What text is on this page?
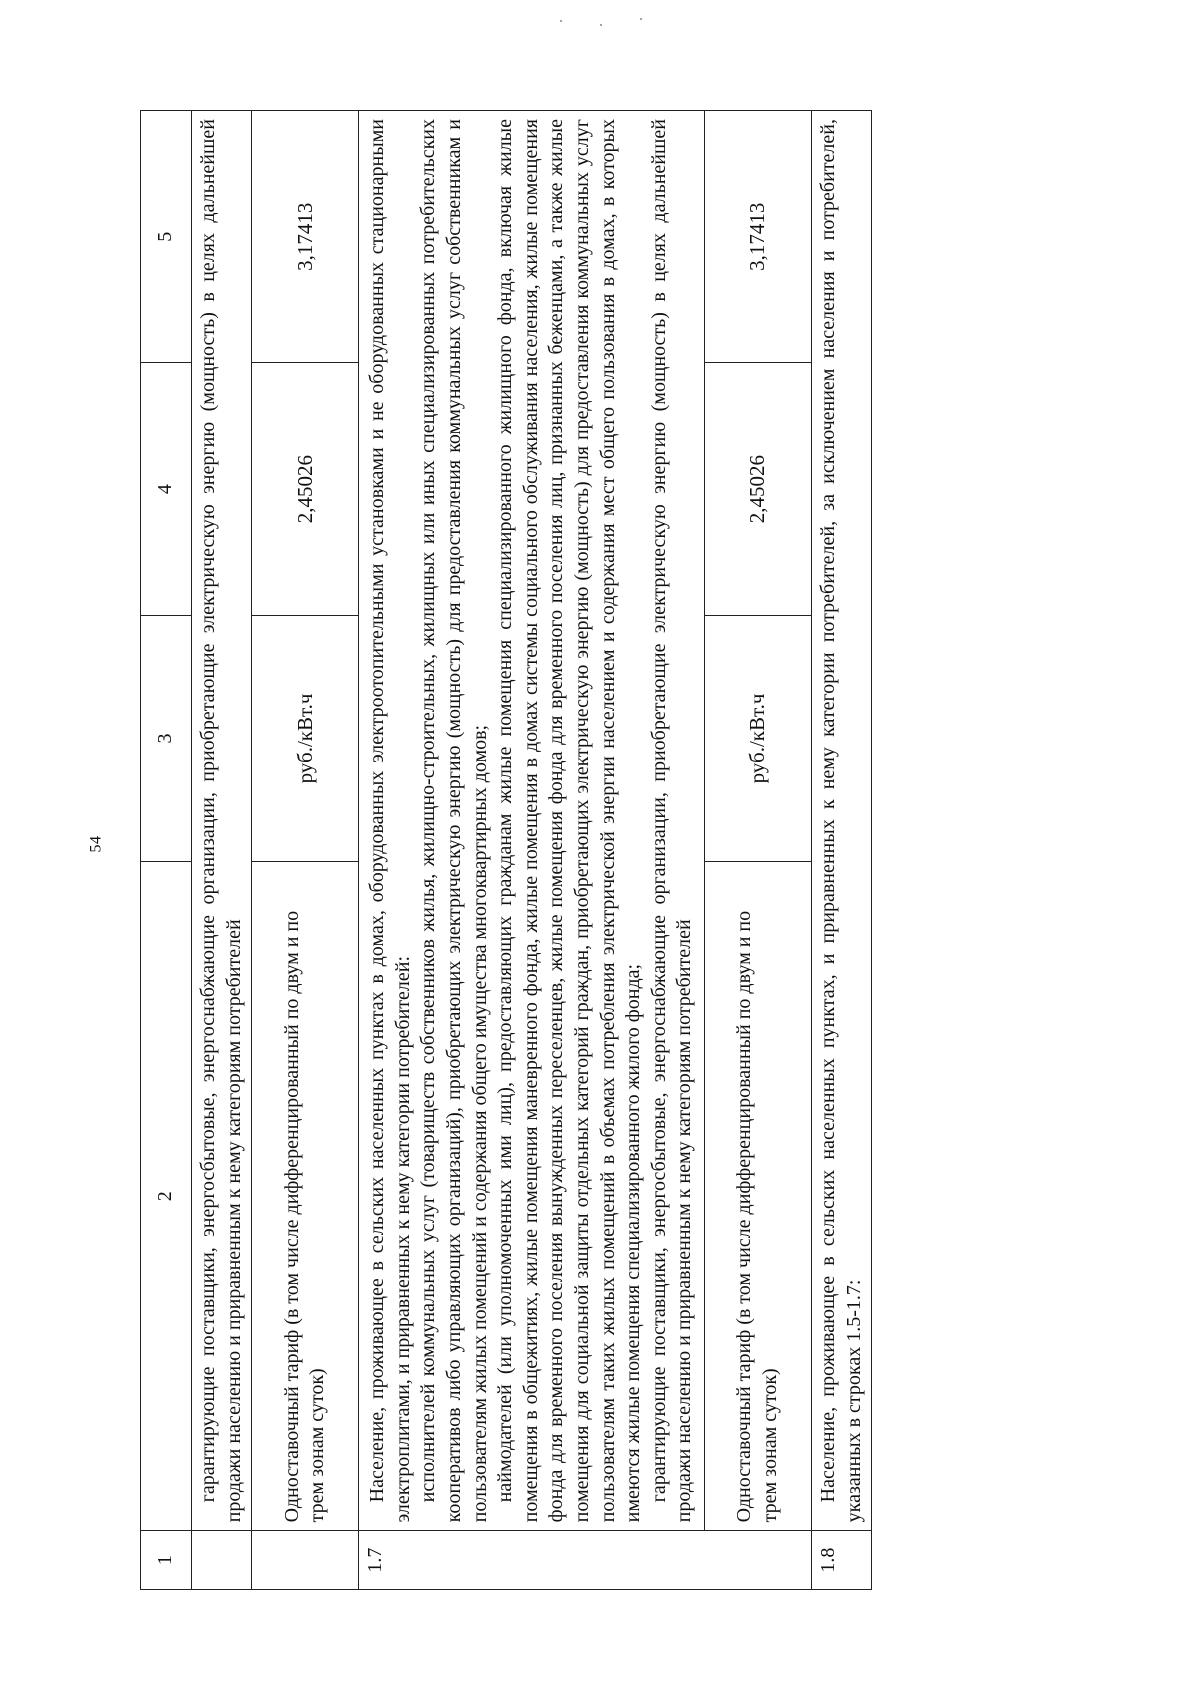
54
1	2	3	4	5
	гарантирующие поставщики, энергосбытовые, энергоснабжающие организации, приобретающие электрическую энергию (мощность) в целях дальнейшей продажи населению и приравненным к нему категориям потребителей			
	Одноставочный тариф (в том числе дифференцированный по двум и по трем зонам суток)	руб./кВт.ч	2,45026	3,17413
1.7	Население, проживающее в сельских населенных пунктах в домах, оборудованных электроотопительными установками и не оборудованных стационарными электроплитами, и приравненных к нему категории потребителей: исполнителей коммунальных услуг (товариществ собственников жилья, жилищно-строительных, жилищных или иных специализированных потребительских кооперативов либо управляющих организаций), приобретающих электрическую энергию (мощность) для предоставления коммунальных услуг собственникам и пользователям жилых помещений и содержания общего имущества многоквартирных домов; наймодателей (или уполномоченных ими лиц), предоставляющих гражданам жилые помещения специализированного жилищного фонда, включая жилые помещения в общежитиях, жилые помещения маневренного фонда, жилые помещения в домах системы социального обслуживания населения, жилые помещения фонда для временного поселения вынужденных переселенцев, жилые помещения фонда для временного поселения лиц, признанных беженцами, а также жилые помещения для социальной защиты отдельных категорий граждан, приобретающих электрическую энергию (мощность) для предоставления коммунальных услуг пользователям таких жилых помещений в объемах потребления электрической энергии населением и содержания мест общего пользования в домах, в которых имеются жилые помещения специализированного жилого фонда; гарантирующие поставщики, энергосбытовые, энергоснабжающие организации, приобретающие электрическую энергию (мощность) в целях дальнейшей продажи населению и приравненным к нему категориям потребителей			

	Одноставочный тариф (в том числе дифференцированный по двум и по трем зонам суток)	руб./кВт.ч	2,45026	3,17413
1.8	Население, проживающее в сельских населенных пунктах, и приравненных к нему категории потребителей, за исключением населения и потребителей, указанных в строках 1.5-1.7:			
